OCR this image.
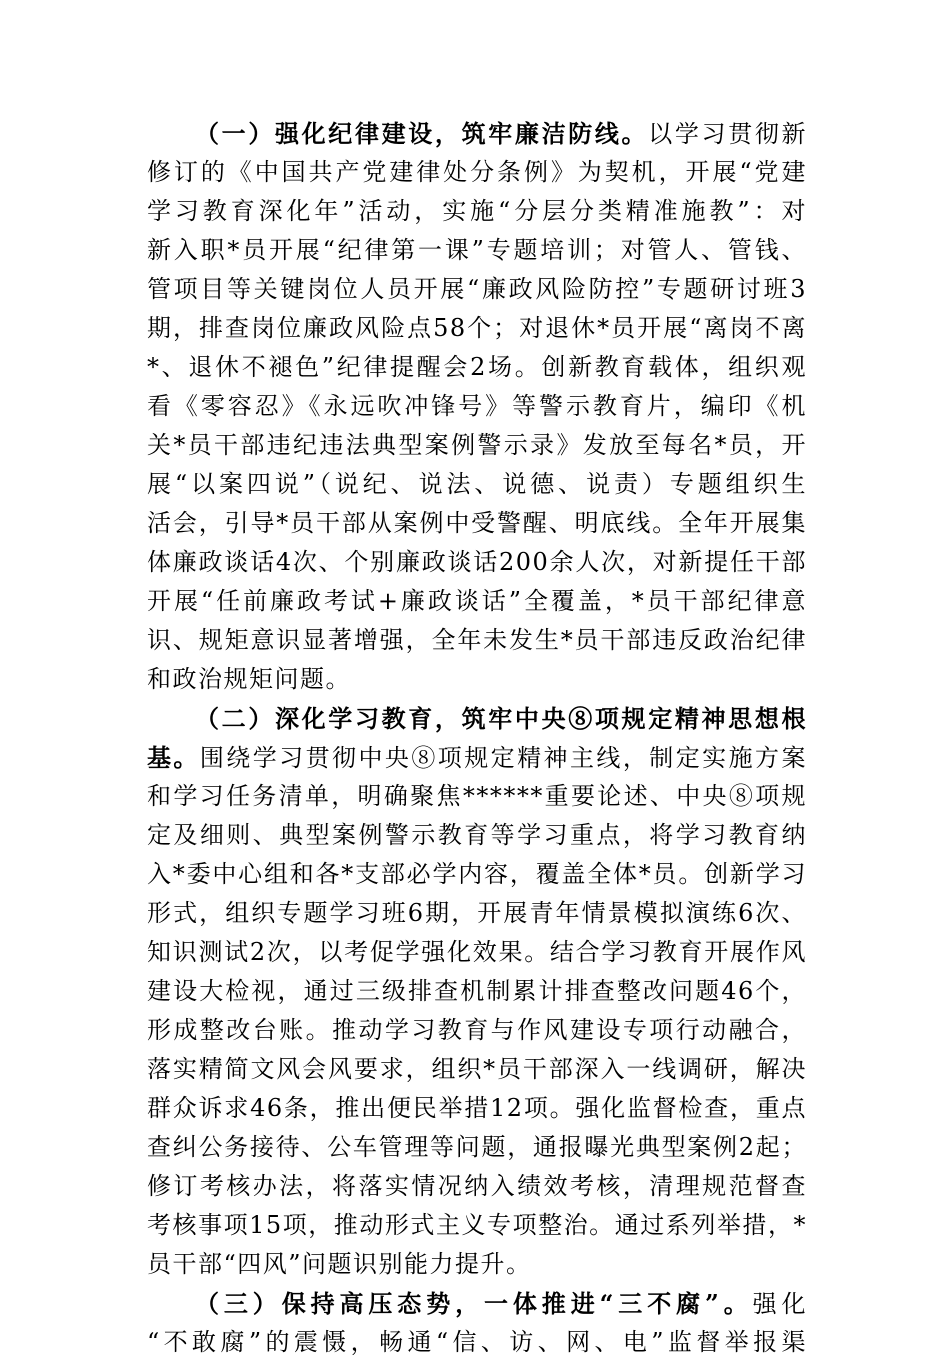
（一）强化纪律建设，筑牢廉洁防线。以学习贯彻新
修订的《中国共产党建律处分条例》为契机，开展“党建
学习教育深化年”活动，实施“分层分类精准施教”：对
新入职*员开展“纪律第一课”专题培训；对管人、管钱、
管项目等关键岗位人员开展“廉政风险防控”专题研讨班3
期，排查岗位廉政风险点58个；对退休*员开展“离岗不离
*、退休不褪色”纪律提醒会2场。创新教育载体，组织观
看《零容忍》《永远吹冲锋号》等警示教育片，编印《机
关*员干部违纪违法典型案例警示录》发放至每名*员，开
展“以案四说”（说纪、说法、说德、说责）专题组织生
活会，引导*员干部从案例中受警醒、明底线。全年开展集
体廉政谈话4次、个别廉政谈话200余人次，对新提任干部
开展“任前廉政考试+廉政谈话”全覆盖，*员干部纪律意
识、规矩意识显著增强，全年未发生*员干部违反政治纪律
和政治规矩问题。
（二）深化学习教育，筑牢中央⑧项规定精神思想根
基。围绕学习贯彻中央⑧项规定精神主线，制定实施方案
和学习任务清单，明确聚焦******重要论述、中央⑧项规
定及细则、典型案例警示教育等学习重点，将学习教育纳
入*委中心组和各*支部必学内容，覆盖全体*员。创新学习
形式，组织专题学习班6期，开展青年情景模拟演练6次、
知识测试2次，以考促学强化效果。结合学习教育开展作风
建设大检视，通过三级排查机制累计排查整改问题46个，
形成整改台账。推动学习教育与作风建设专项行动融合，
落实精简文风会风要求，组织*员干部深入一线调研，解决
群众诉求46条，推出便民举措12项。强化监督检查，重点
查纠公务接待、公车管理等问题，通报曝光典型案例2起；
修订考核办法，将落实情况纳入绩效考核，清理规范督查
考核事项15项，推动形式主义专项整治。通过系列举措，*
员干部“四风”问题识别能力提升。
（三）保持高压态势，一体推进“三不腐”。强化
“不敢腐”的震慑，畅通“信、访、网、电”监督举报渠
